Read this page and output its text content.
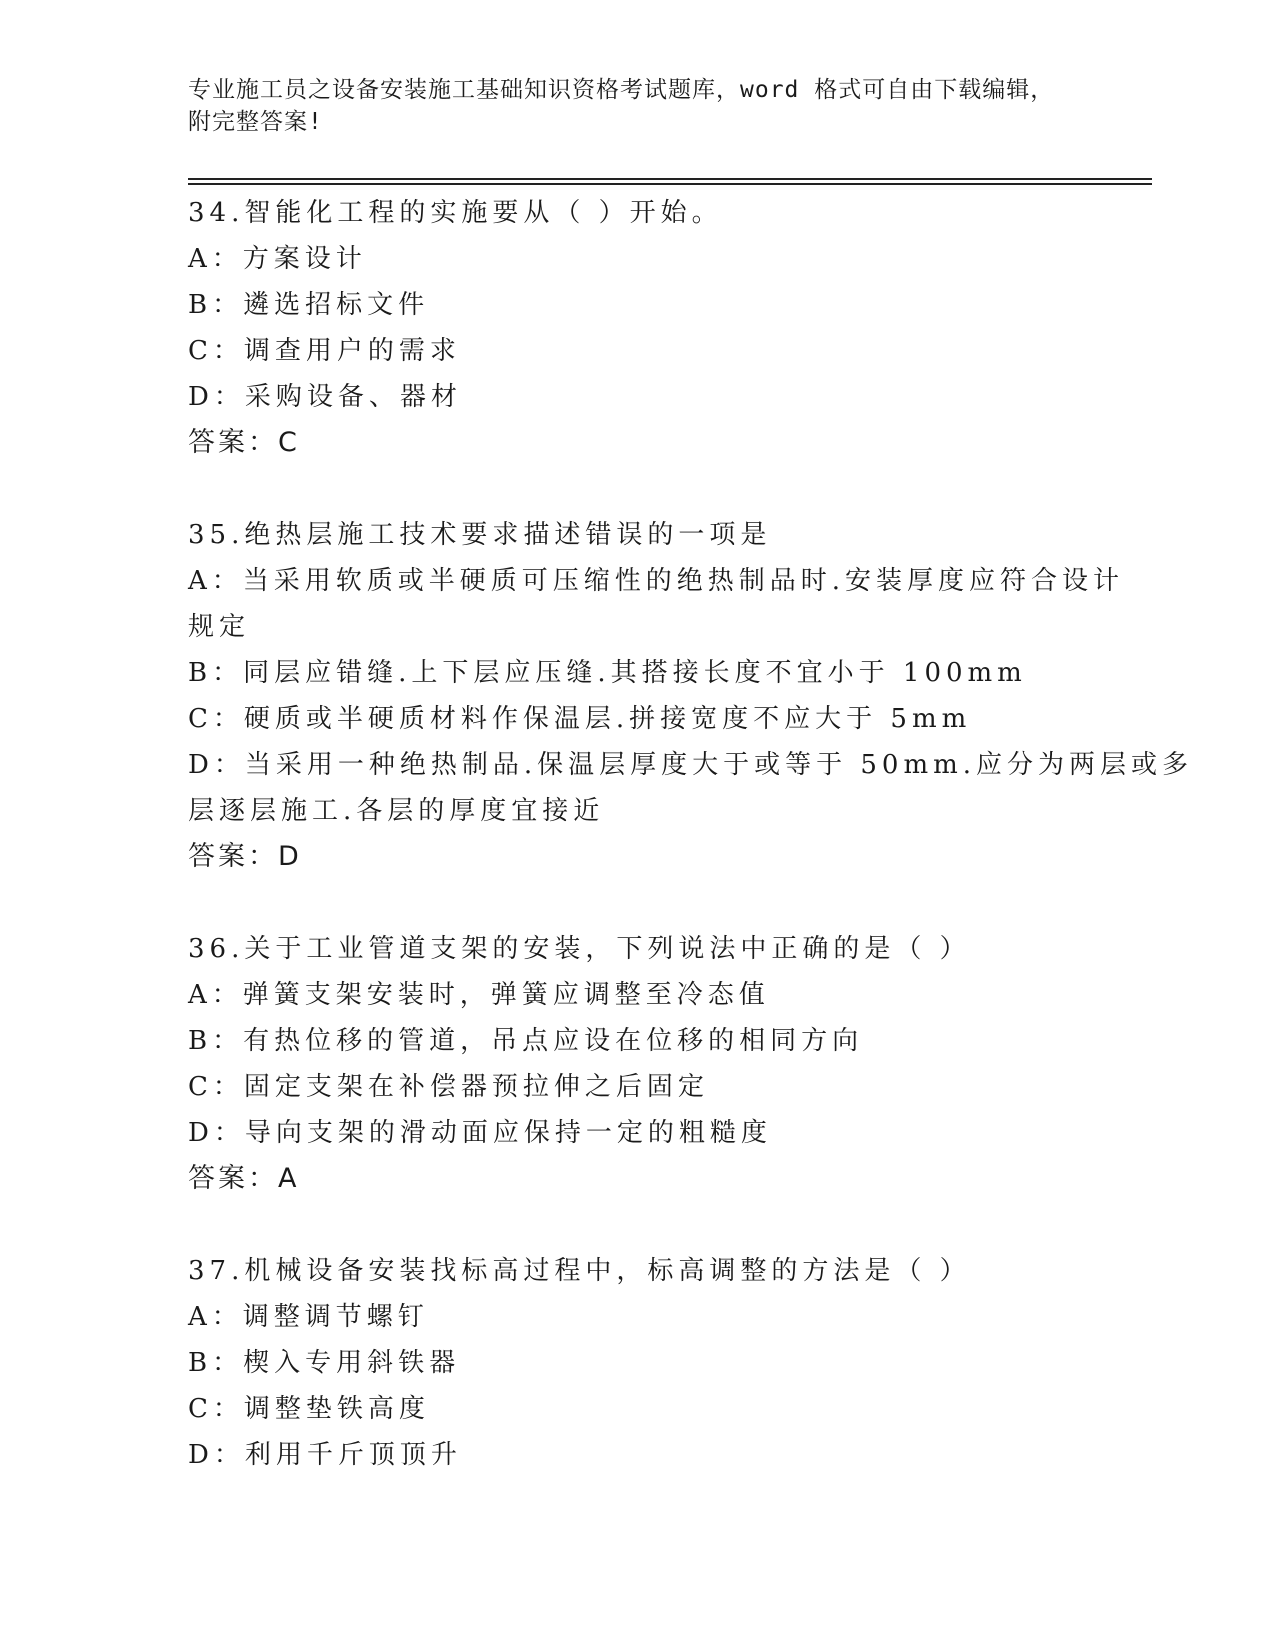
专业施工员之设备安装施工基础知识资格考试题库，word 格式可自由下载编辑，
附完整答案!
34.智能化工程的实施要从（ ）开始。
A：方案设计
B：遴选招标文件
C：调查用户的需求
D：采购设备、器材
答案：C
35.绝热层施工技术要求描述错误的一项是
A：当采用软质或半硬质可压缩性的绝热制品时.安装厚度应符合设计
规定
B：同层应错缝.上下层应压缝.其搭接长度不宜小于 100mm
C：硬质或半硬质材料作保温层.拼接宽度不应大于 5mm
D：当采用一种绝热制品.保温层厚度大于或等于 50mm.应分为两层或多
层逐层施工.各层的厚度宜接近
答案：D
36.关于工业管道支架的安装，下列说法中正确的是（ ）
A：弹簧支架安装时，弹簧应调整至冷态值
B：有热位移的管道，吊点应设在位移的相同方向
C：固定支架在补偿器预拉伸之后固定
D：导向支架的滑动面应保持一定的粗糙度
答案：A
37.机械设备安装找标高过程中，标高调整的方法是（ ）
A：调整调节螺钉
B：楔入专用斜铁器
C：调整垫铁高度
D：利用千斤顶顶升
